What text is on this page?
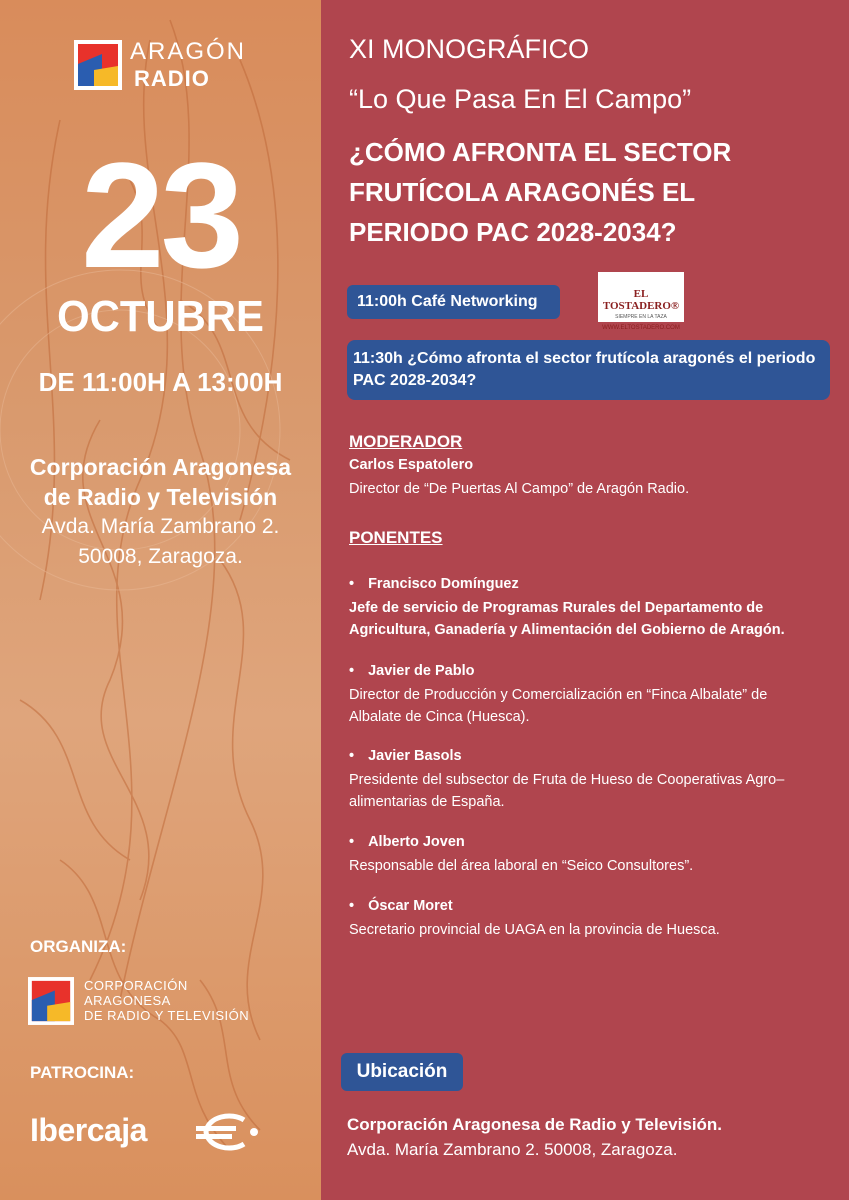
ARAGÓN
RADIO
23
OCTUBRE
DE 11:00H A 13:00H
Corporación Aragonesa
de Radio y Televisión
Avda. María Zambrano 2.
50008, Zaragoza.
ORGANIZA:
CORPORACIÓN
ARAGONESA
DE RADIO Y TELEVISIÓN
PATROCINA:
Ibercaja
XI MONOGRÁFICO
“Lo Que Pasa En El Campo”
¿CÓMO AFRONTA EL SECTOR FRUTÍCOLA ARAGONÉS EL PERIODO PAC 2028-2034?
11:00h Café Networking	EL TOSTADERO®
SIEMPRE EN LA TAZA
WWW.ELTOSTADERO.COM
11:30h ¿Cómo afronta el sector frutícola aragonés el periodo PAC 2028-2034?
MODERADOR
Carlos Espatolero
Director de “De Puertas Al Campo” de Aragón Radio.
PONENTES
• Francisco Domínguez
Jefe de servicio de Programas Rurales del Departamento de Agricultura, Ganadería y Alimentación del Gobierno de Aragón.
• Javier de Pablo
Director de Producción y Comercialización en “Finca Albalate” de Albalate de Cinca (Huesca).
• Javier Basols
Presidente del subsector de Fruta de Hueso de Cooperativas Agro–alimentarias de España.
• Alberto Joven
Responsable del área laboral en “Seico Consultores”.
• Óscar Moret
Secretario provincial de UAGA en la provincia de Huesca.
Ubicación
Corporación Aragonesa de Radio y Televisión.
Avda. María Zambrano 2. 50008, Zaragoza.
